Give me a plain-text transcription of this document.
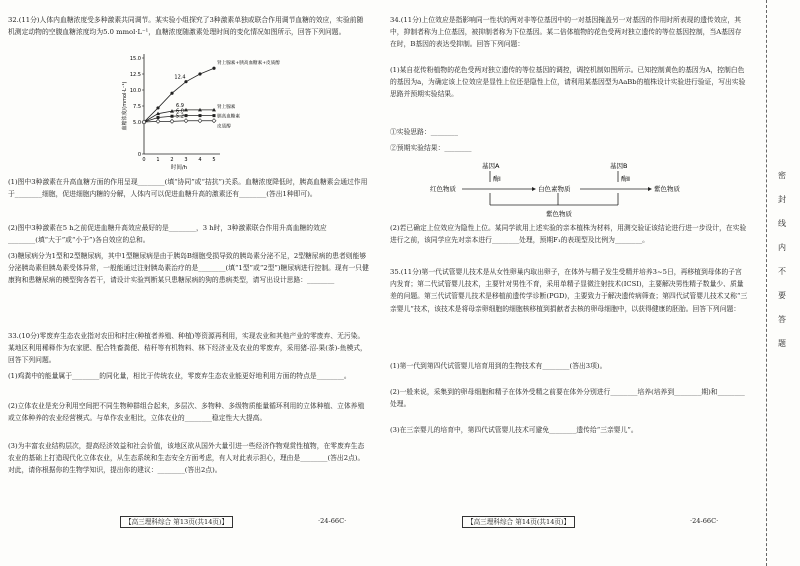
32.(11分)人体内血糖浓度受多种激素共同调节。某实验小组探究了3种激素单独或联合作用调节血糖的效应，实验前随机测定动物的空腹血糖浓度均为5.0 mmol·L⁻¹，血糖浓度随激素处理时间的变化情况如图所示，回答下列问题。

0
5.0
7.5
10.0
12.5
15.0
0 1 2 3 4 5
时间/h
血糖浓度/(mmol·L⁻¹)
12.4
肾上腺素+胰高血糖素+皮质醇
6.9	肾上腺素
6.0
胰高血糖素
5.2
皮质醇

(1)图中3种激素在升高血糖方面的作用呈现________(填“协同”或“拮抗”)关系。血糖浓度降低时，胰高血糖素会通过作用于________细胞，促进细胞内糖的分解，人体内可以促进血糖升高的激素还有________(答出1种即可)。

(2)图中3种激素在5 h之前促进血糖升高效应最好的是________，3 h时，3种激素联合作用升高血糖的效应________(填“大于”或“小于”)各自效应的总和。

(3)糖尿病分为1型和2型糖尿病，其中1型糖尿病是由于胰岛B细胞受损导致的胰岛素分泌不足，2型糖尿病的患者则能够分泌胰岛素但胰岛素受体异常，一般能通过注射胰岛素治疗的是________(填“1型”或“2型”)糖尿病进行控制。现有一只健康狗和患糖尿病的模型狗各若干，请设计实验判断某只患糖尿病的狗的患病类型，请写出设计思路：________

33.(10分)零废弃生态农业指对农田和村庄(种植者养殖、种植)等资源再利用，实现农业和其他产业的零废弃、无污染。某地区利用稀释作为农家肥、配合牲畜粪便、秸秆等有机物料、林下经济业及农业的零废弃，采用猪-沼-果(茶)-鱼模式，回答下列问题。

(1)鸡粪中的能量属于________的同化量，相比于传统农业，零废弃生态农业能更好地利用方面的特点是________。

(2)立体农业是充分利用空间把不同生物种群组合起来，多层次、多物种、多级物质能量循环利用的立体种植、立体养殖或立体种养的农业经营模式。与单作农业相比，立体农业的________稳定性大大提高。

(3)为丰富农业结构层次，提高经济效益和社会价值，该地区欲从国外大量引进一些经济作物观赏性植物，在零废弃生态农业的基础上打造现代化立体农业，从生态系统和生态安全方面考虑，有人对此表示担心，理由是________(答出2点)。对此，请你根据你的生物学知识，提出你的建议：________(答出2点)。

【高三理科综合 第13页(共14页)】	·24-66C·

34.(11分)上位效应是指影响同一性状的两对非等位基因中的一对基因掩盖另一对基因的作用时所表现的遗传效应，其中，抑制者称为上位基因，被抑制者称为下位基因。某二倍体植物的花色受两对独立遗传的等位基因控制，当A基因存在时，B基因的表达受抑制。回答下列问题：

(1)某自花传粉植物的花色受两对独立遗传的等位基因的调控，调控机制如图所示。已知控制黄色的基因为A，控制白色的基因为a，为确定该上位效应是显性上位还是隐性上位，请利用某基因型为AaBb的植株设计实验进行验证，写出实验思路并预期实验结果。

①实验思路：________

②预期实验结果：________

基因A	基因B
酶Ⅰ	酶Ⅱ
红色物质	白色素物质	紫色物质
紫色物质

(2)若已确定上位效应为隐性上位。某同学欲用上述实验的亲本植株为材料，用测交验证该结论进行进一步设计，在实验进行之前，该同学应先对亲本进行________处理，预期F₁的表现型及比例为________。

35.(11分)第一代试管婴儿技术是从女性卵巢内取出卵子，在体外与精子发生受精并培养3~5日，再移植到母体的子宫内发育；第二代试管婴儿技术，主要针对男性不育，采用单精子显微注射技术(ICSI)，主要解决男性精子数量少、质量差的问题。第三代试管婴儿技术是移植前遗传学诊断(PGD)，主要致力于解决遗传病筛查；第四代试管婴儿技术又称“三亲婴儿”技术，该技术是将母亲卵细胞的细胞核移植到捐献者去核的卵母细胞中，以获得健康的胚胎。回答下列问题：

(1)第一代到第四代试管婴儿培育用到的生物技术有________(答出3项)。

(2)一般来说，采集到的卵母细胞和精子在体外受精之前要在体外分别进行________培养(培养到________期)和________处理。

(3)在三亲婴儿的培育中，第四代试管婴儿技术可避免________遗传给“三亲婴儿”。

【高三理科综合 第14页(共14页)】	·24-66C·
密
封
线
内
不
要
答
题
